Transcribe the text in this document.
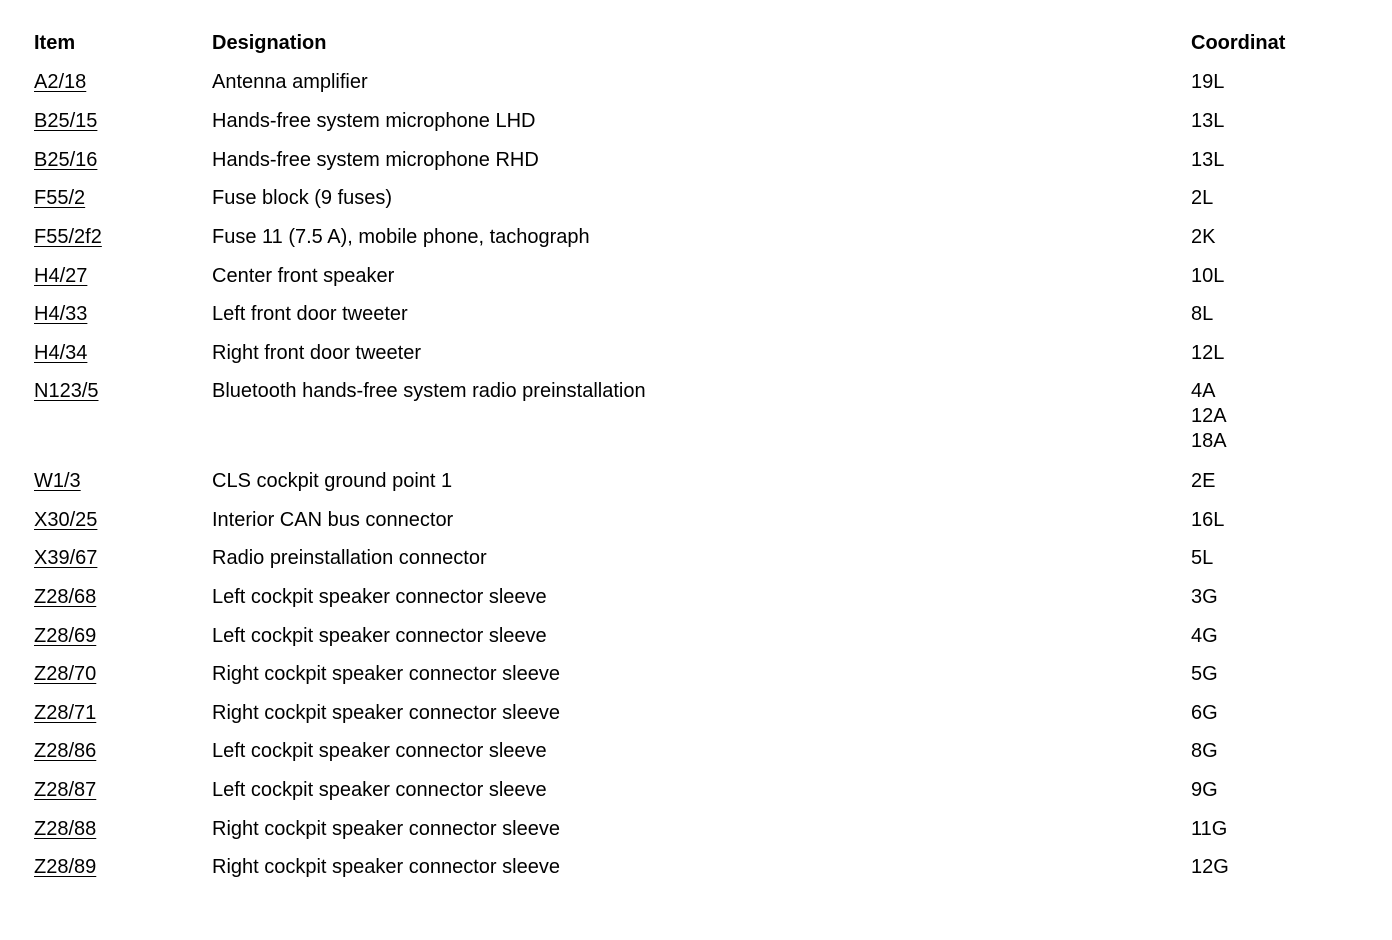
Item	Designation	Coordinat
A2/18	Antenna amplifier	19L
B25/15	Hands-free system microphone LHD	13L
B25/16	Hands-free system microphone RHD	13L
F55/2	Fuse block (9 fuses)	2L
F55/2f2	Fuse 11 (7.5 A), mobile phone, tachograph	2K
H4/27	Center front speaker	10L
H4/33	Left front door tweeter	8L
H4/34	Right front door tweeter	12L
N123/5	Bluetooth hands-free system radio preinstallation	4A
12A
18A
W1/3	CLS cockpit ground point 1	2E
X30/25	Interior CAN bus connector	16L
X39/67	Radio preinstallation connector	5L
Z28/68	Left cockpit speaker connector sleeve	3G
Z28/69	Left cockpit speaker connector sleeve	4G
Z28/70	Right cockpit speaker connector sleeve	5G
Z28/71	Right cockpit speaker connector sleeve	6G
Z28/86	Left cockpit speaker connector sleeve	8G
Z28/87	Left cockpit speaker connector sleeve	9G
Z28/88	Right cockpit speaker connector sleeve	11G
Z28/89	Right cockpit speaker connector sleeve	12G
